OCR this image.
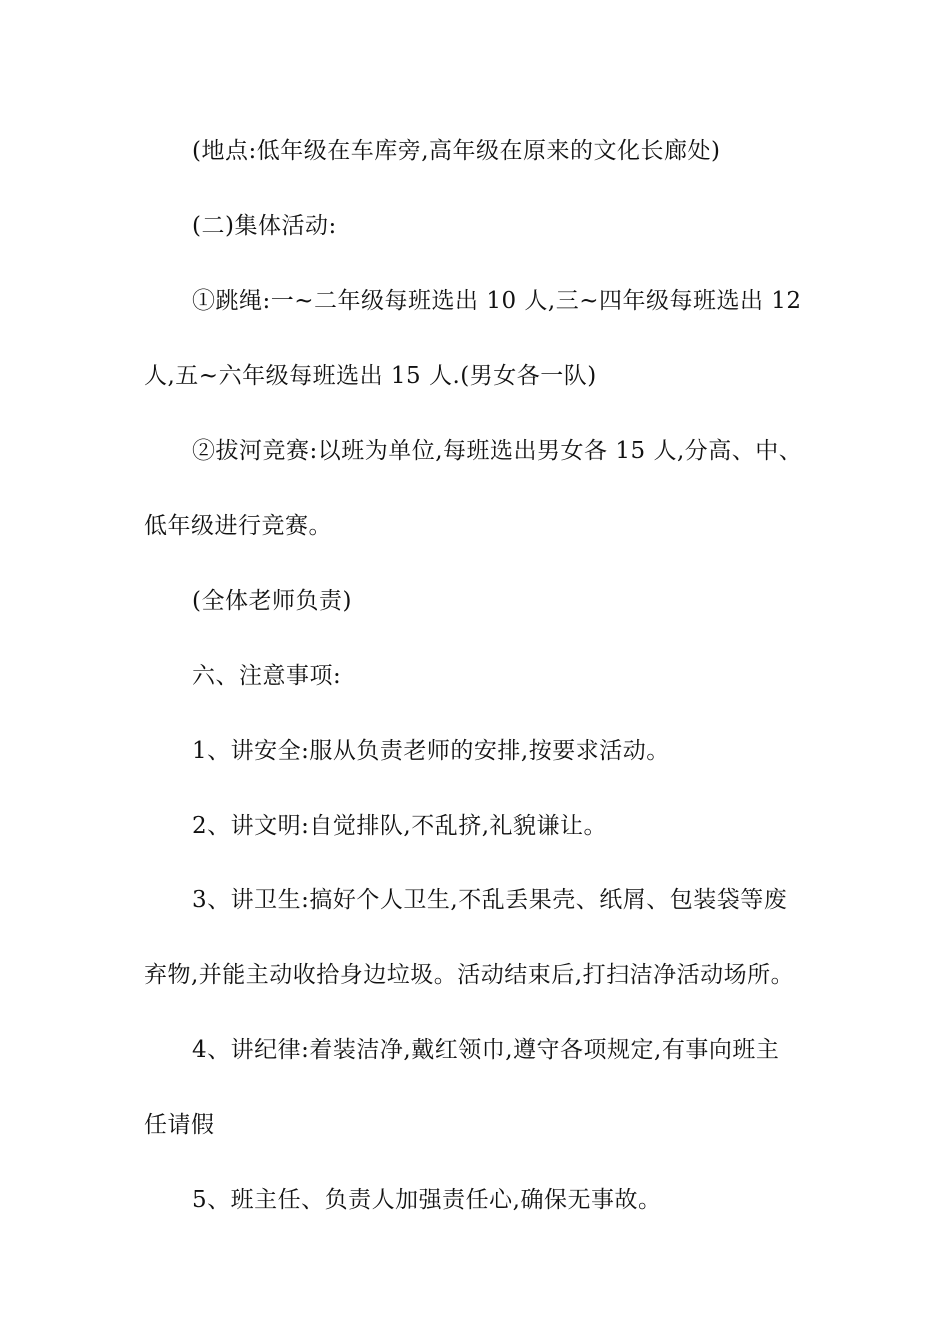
(地点:低年级在车库旁,高年级在原来的文化长廊处)
(二)集体活动:
①跳绳:一~二年级每班选出 10 人,三~四年级每班选出 12
人,五~六年级每班选出 15 人.(男女各一队)
②拔河竞赛:以班为单位,每班选出男女各 15 人,分高、中、
低年级进行竞赛。
(全体老师负责)
六、注意事项:
1、讲安全:服从负责老师的安排,按要求活动。
2、讲文明:自觉排队,不乱挤,礼貌谦让。
3、讲卫生:搞好个人卫生,不乱丢果壳、纸屑、包装袋等废
弃物,并能主动收拾身边垃圾。活动结束后,打扫洁净活动场所。
4、讲纪律:着装洁净,戴红领巾,遵守各项规定,有事向班主
任请假
5、班主任、负责人加强责任心,确保无事故。
